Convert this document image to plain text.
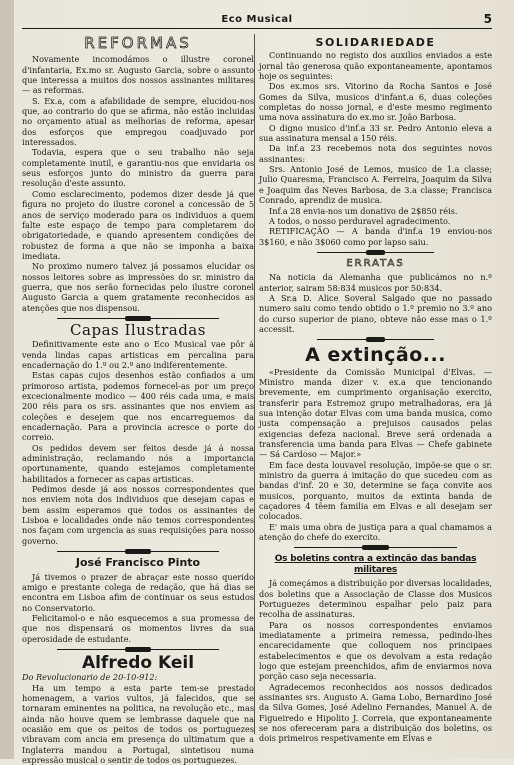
Eco Musical	5
REFORMAS

Novamente incomodámos o illustre coronel d'infantaria, Ex.mo sr. Augusto Garcia, sobre o assunto que interessa a muitos dos nossos assinantes militares — as reformas.

S. Ex.a, com a afabilidade de sempre, elucidou-nos que, ao contrario do que se afirma, não estão incluidas no orçamento atual as melhorias de reforma, apesar dos esforços que empregou coadjuvado por interessados.

Todavia, espera que o seu trabalho não seja completamente inutil, e garantiu-nos que envidaria os seus esforços junto do ministro da guerra para resolução d'este assunto.

Como esclarecimento, podemos dizer desde já que figura no projeto do ilustre coronel a concessão de 5 anos de serviço moderado para os individuos a quem falte este espaço de tempo para completarem do obrigatoriedade, e quando apresentem condições de robustez de forma a que não se imponha a baixa imediata.

No proximo numero talvez já possamos elucidar os nossos leitores sobre as impressões do sr. ministro da guerra, que nos serão fornecidas pelo ilustre coronel Augusto Garcia a quem gratamente reconhecidos as atenções que nos dispensou.

Capas Ilustradas

Definitivamente este ano o Eco Musical vae pôr á venda lindas capas artisticas em percalina para encadernação do 1.º ou 2.º ano indiferentemente.

Estas capas cujos desenhos estão confiados a um primoroso artista, podemos fornecel-as por um preço excecionalmente modico — 400 réis cada uma, e mais 200 réis para os srs. assinantes que nos enviem as coleções e desejem que nos encarreguemos da encadernação. Para a provincia acresce o porte do correio.

Os pedidos devem ser feitos desde já á nossa administração, reclamando nós a importancia oportunamente, quando estejamos completamente habilitados a fornecer as capas artisticas.

Pedimos desde já aos nossos correspondentes que nos enviem nota dos individuos que desejam capas e bem assim esperamos que todos os assinantes de Lisboa e localidades onde não temos correspondentes nos façam com urgencia as suas requisições para nosso governo.

José Francisco Pinto

Já tivemos o prazer de abraçar este nosso querido amigo e prestante colega de redação, que há dias se encontra em Lisboa afim de continuar os seus estudos no Conservatorio.

Felicitamol-o e não esquecemos a sua promessa de que nos dispensará os momentos livres da sua operosidade de estudante.

Alfredo Keil

Do Revolucionario de 20-10-912:

Ha um tempo a esta parte tem-se prestado homenagem, a varios vultos, já falecidos, que se tornaram eminentes na politica, na revolução etc., mas ainda não houve quem se lembrasse daquele que na ocasião em que os peitos de todos os portuguezes vibravam com ancia em presença do ultimatum que a Inglaterra mandou a Portugal, sintetisou numa expressão musical o sentir de todos os portuguezes.

SOLIDARIEDADE

Continuando no registo dos auxilios enviados a este jornal tão generosa quão expontaneamente, apontamos hoje os seguintes:

Dos ex.mos srs. Vitorino da Rocha Santos e José Gomes da Silva, musicos d'infant.a 6, duas coleções completas do nosso jornal, e d'este mesmo regimento uma nova assinatura do ex.mo sr. João Barbosa.

O digno musico d'inf.a 33 sr. Pedro Antonio eleva a sua assinatura mensal a 150 réis.

Da inf.a 23 recebemos nota dos seguintes novos assinantes:

Srs. Antonio José de Lemos, musico de 1.a classe; Julio Quaresma, Francisco A. Ferreira, Joaquim da Silva e Joaquim das Neves Barbosa, de 3.a classe; Francisca Conrado, aprendiz de musica.

Inf.a 28 envia-nos um donativo de 2$850 réis.

A todos, o nosso perduravel agradecimento.

RETIFICAÇÃO — A banda d'inf.a 19 enviou-nos 3$160, e não 3$060 como por lapso saiu.

ERRATAS

Na noticia da Alemanha que publicámos no n.º anterior, sairam 58:834 musicos por 50:834.

A Sr.a D. Alice Soveral Salgado que no passado numero saiu como tendo obtido o 1.º premio no 3.º ano do curso superior de piano, obteve não esse mas o 1.º accessit.

A extinção...

«Presidente da Comissão Municipal d'Elvas. — Ministro manda dizer v. ex.a que tencionando brevemente, em cumprimento organisação exercito, transferir para Estremoz grupo metralhadoras, era já sua intenção dotar Elvas com uma banda musica, como justa compensação a prejuisos causados pelas exigencias defeza nacional. Breve será ordenada a transferencia uma banda para Elvas — Chefe gabinete — Sá Cardoso — Major.»

Em face desta louvavel resolução, impõe-se que o sr. ministro da guerra á imitação do que sucedeu com as bandas d'inf. 20 e 30, determine se faça convite aos musicos, porquanto, muitos da extinta banda de caçadores 4 têem familia em Elvas e ali desejam ser colocados.

E' mais uma obra de justiça para a qual chamamos a atenção do chefe do exercito.

Os boletins contra a extinção das bandas militares

Já começámos a distribuição por diversas localidades, dos boletins que a Associação de Classe dos Musicos Portuguezes determinou espalhar pelo paiz para recolha de assinaturas.

Para os nossos correspondentes enviamos imediatamente a primeira remessa, pedindo-lhes encarecidamente que colloquem nos principaes estabelecimentos e que os devolvam a esta redação logo que estejam preenchidos, afim de enviarmos nova porção caso seja necessaria.

Agradecemos reconhecidos aos nossos dedicados assinantes srs. Augusto A. Gama Lobo, Bernardino José da Silva Gomes, José Adelino Fernandes, Manuel A. de Figueiredo e Hipolito J. Correia, que expontaneamente se nos ofereceram para a distribuição dos boletins, os dois primeiros respetivamente em Elvas e
